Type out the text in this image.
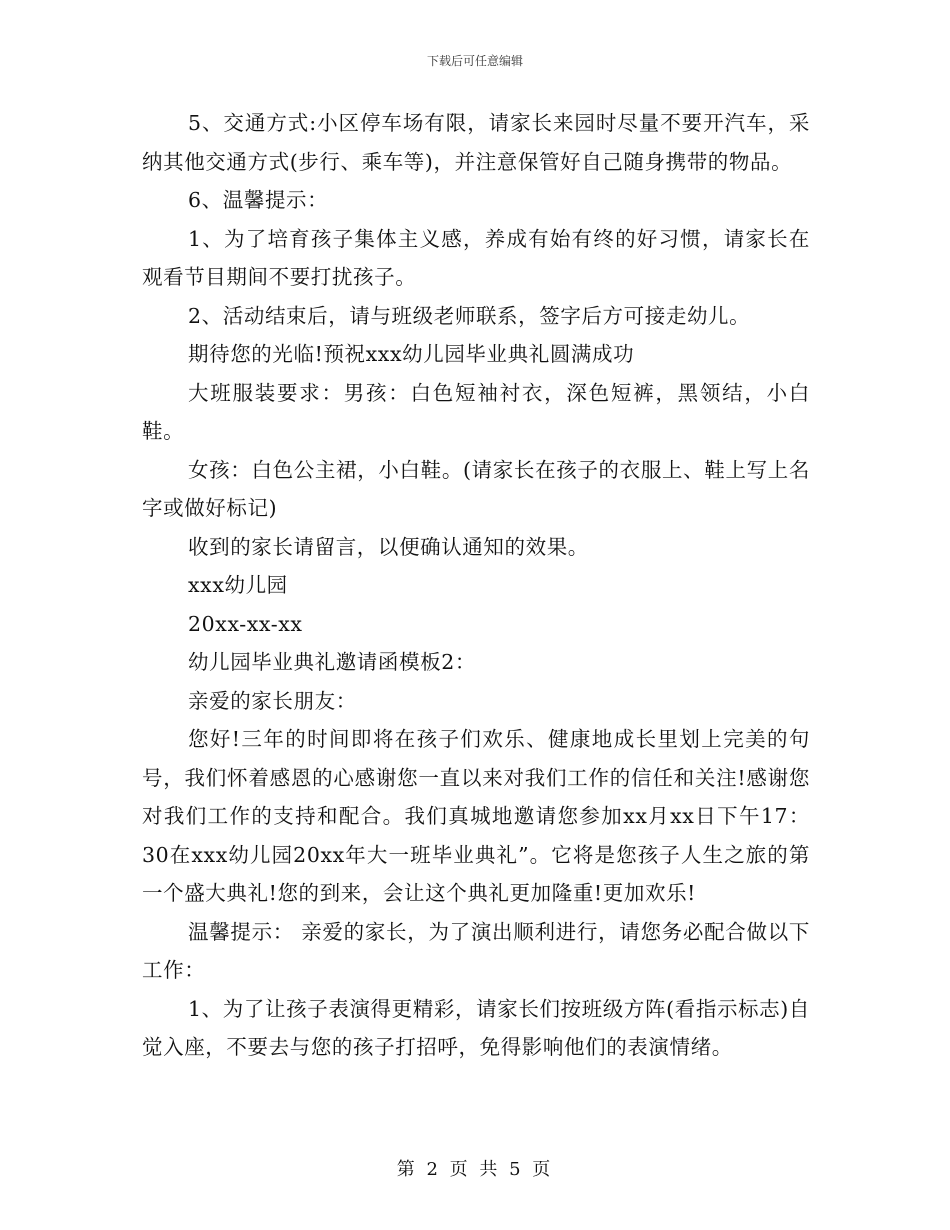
下载后可任意编辑

5、交通方式:小区停车场有限，请家长来园时尽量不要开汽车，采纳其他交通方式(步行、乘车等)，并注意保管好自己随身携带的物品。

6、温馨提示：

1、为了培育孩子集体主义感，养成有始有终的好习惯，请家长在观看节目期间不要打扰孩子。

2、活动结束后，请与班级老师联系，签字后方可接走幼儿。

期待您的光临!预祝xxx幼儿园毕业典礼圆满成功

大班服装要求：男孩：白色短袖衬衣，深色短裤，黑领结，小白鞋。

女孩：白色公主裙，小白鞋。(请家长在孩子的衣服上、鞋上写上名字或做好标记)

收到的家长请留言，以便确认通知的效果。

xxx幼儿园

20xx-xx-xx

幼儿园毕业典礼邀请函模板2：

亲爱的家长朋友：

您好!三年的时间即将在孩子们欢乐、健康地成长里划上完美的句号，我们怀着感恩的心感谢您一直以来对我们工作的信任和关注!感谢您对我们工作的支持和配合。我们真城地邀请您参加xx月xx日下午17：30在xxx幼儿园20xx年大一班毕业典礼”。它将是您孩子人生之旅的第一个盛大典礼!您的到来，会让这个典礼更加隆重!更加欢乐!

温馨提示： 亲爱的家长，为了演出顺利进行，请您务必配合做以下工作：

1、为了让孩子表演得更精彩，请家长们按班级方阵(看指示标志)自觉入座，不要去与您的孩子打招呼，免得影响他们的表演情绪。

第 2 页 共 5 页
